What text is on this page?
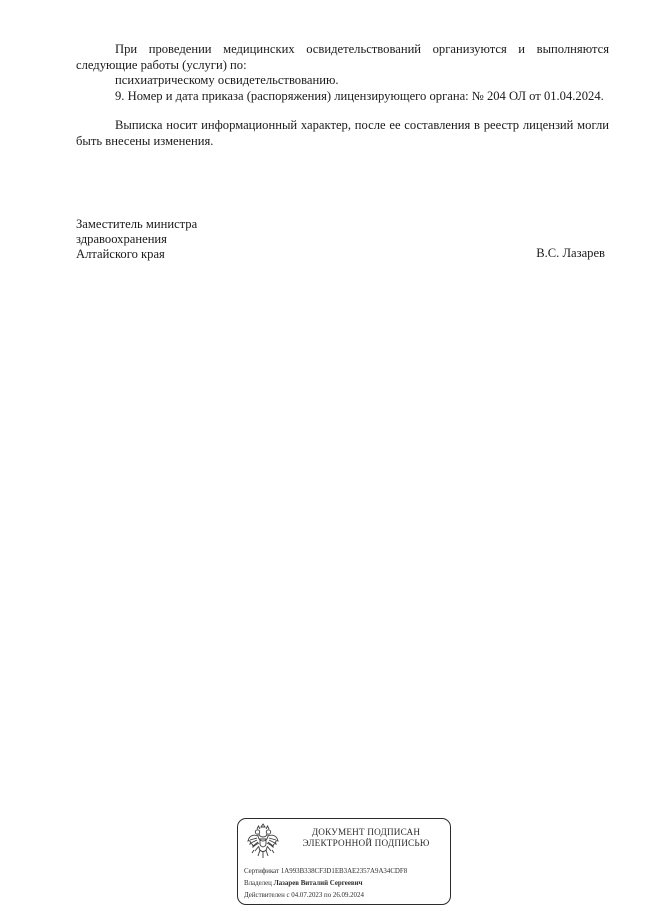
При проведении медицинских освидетельствований организуются и выполняются следующие работы (услуги) по:

психиатрическому освидетельствованию.

9. Номер и дата приказа (распоряжения) лицензирующего органа: № 204 ОЛ от 01.04.2024.

Выписка носит информационный характер, после ее составления в реестр лицензий могли быть внесены изменения.

Заместитель министра
здравоохранения
Алтайского края	В.С. Лазарев
ДОКУМЕНТ ПОДПИСАН
ЭЛЕКТРОННОЙ ПОДПИСЬЮ
Сертификат 1A993B338CF3D1EB3AE2357A9A34CDF8
Владелец Лазарев Виталий Сергеевич
Действителен с 04.07.2023 по 26.09.2024
